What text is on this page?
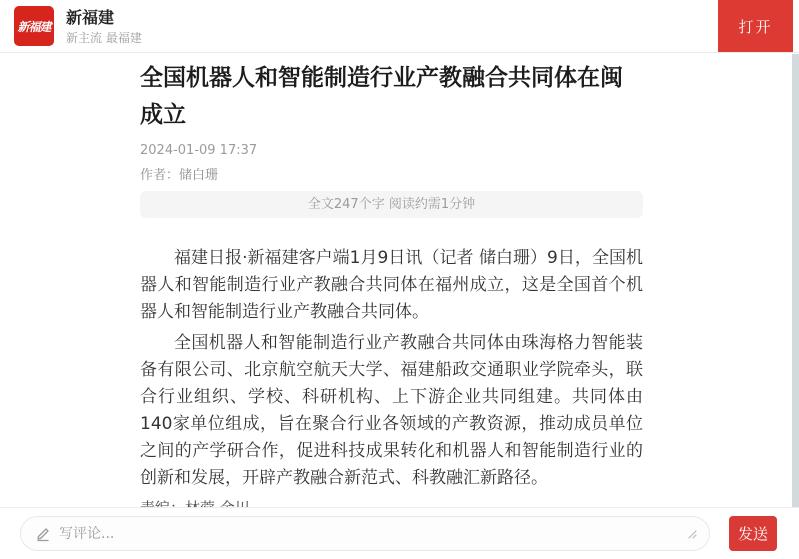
新福建 新福建
新主流 最福建
打开
全国机器人和智能制造行业产教融合共同体在闽成立
2024-01-09 17:37
作者：储白珊
全文247个字 阅读约需1分钟

福建日报·新福建客户端1月9日讯（记者 储白珊）9日，全国机器人和智能制造行业产教融合共同体在福州成立，这是全国首个机器人和智能制造行业产教融合共同体。

全国机器人和智能制造行业产教融合共同体由珠海格力智能装备有限公司、北京航空航天大学、福建船政交通职业学院牵头，联合行业组织、学校、科研机构、上下游企业共同组建。共同体由140家单位组成，旨在聚合行业各领域的产教资源，推动成员单位之间的产学研合作，促进科技成果转化和机器人和智能制造行业的创新和发展，开辟产教融合新范式、科教融汇新路径。

写评论...
发送
